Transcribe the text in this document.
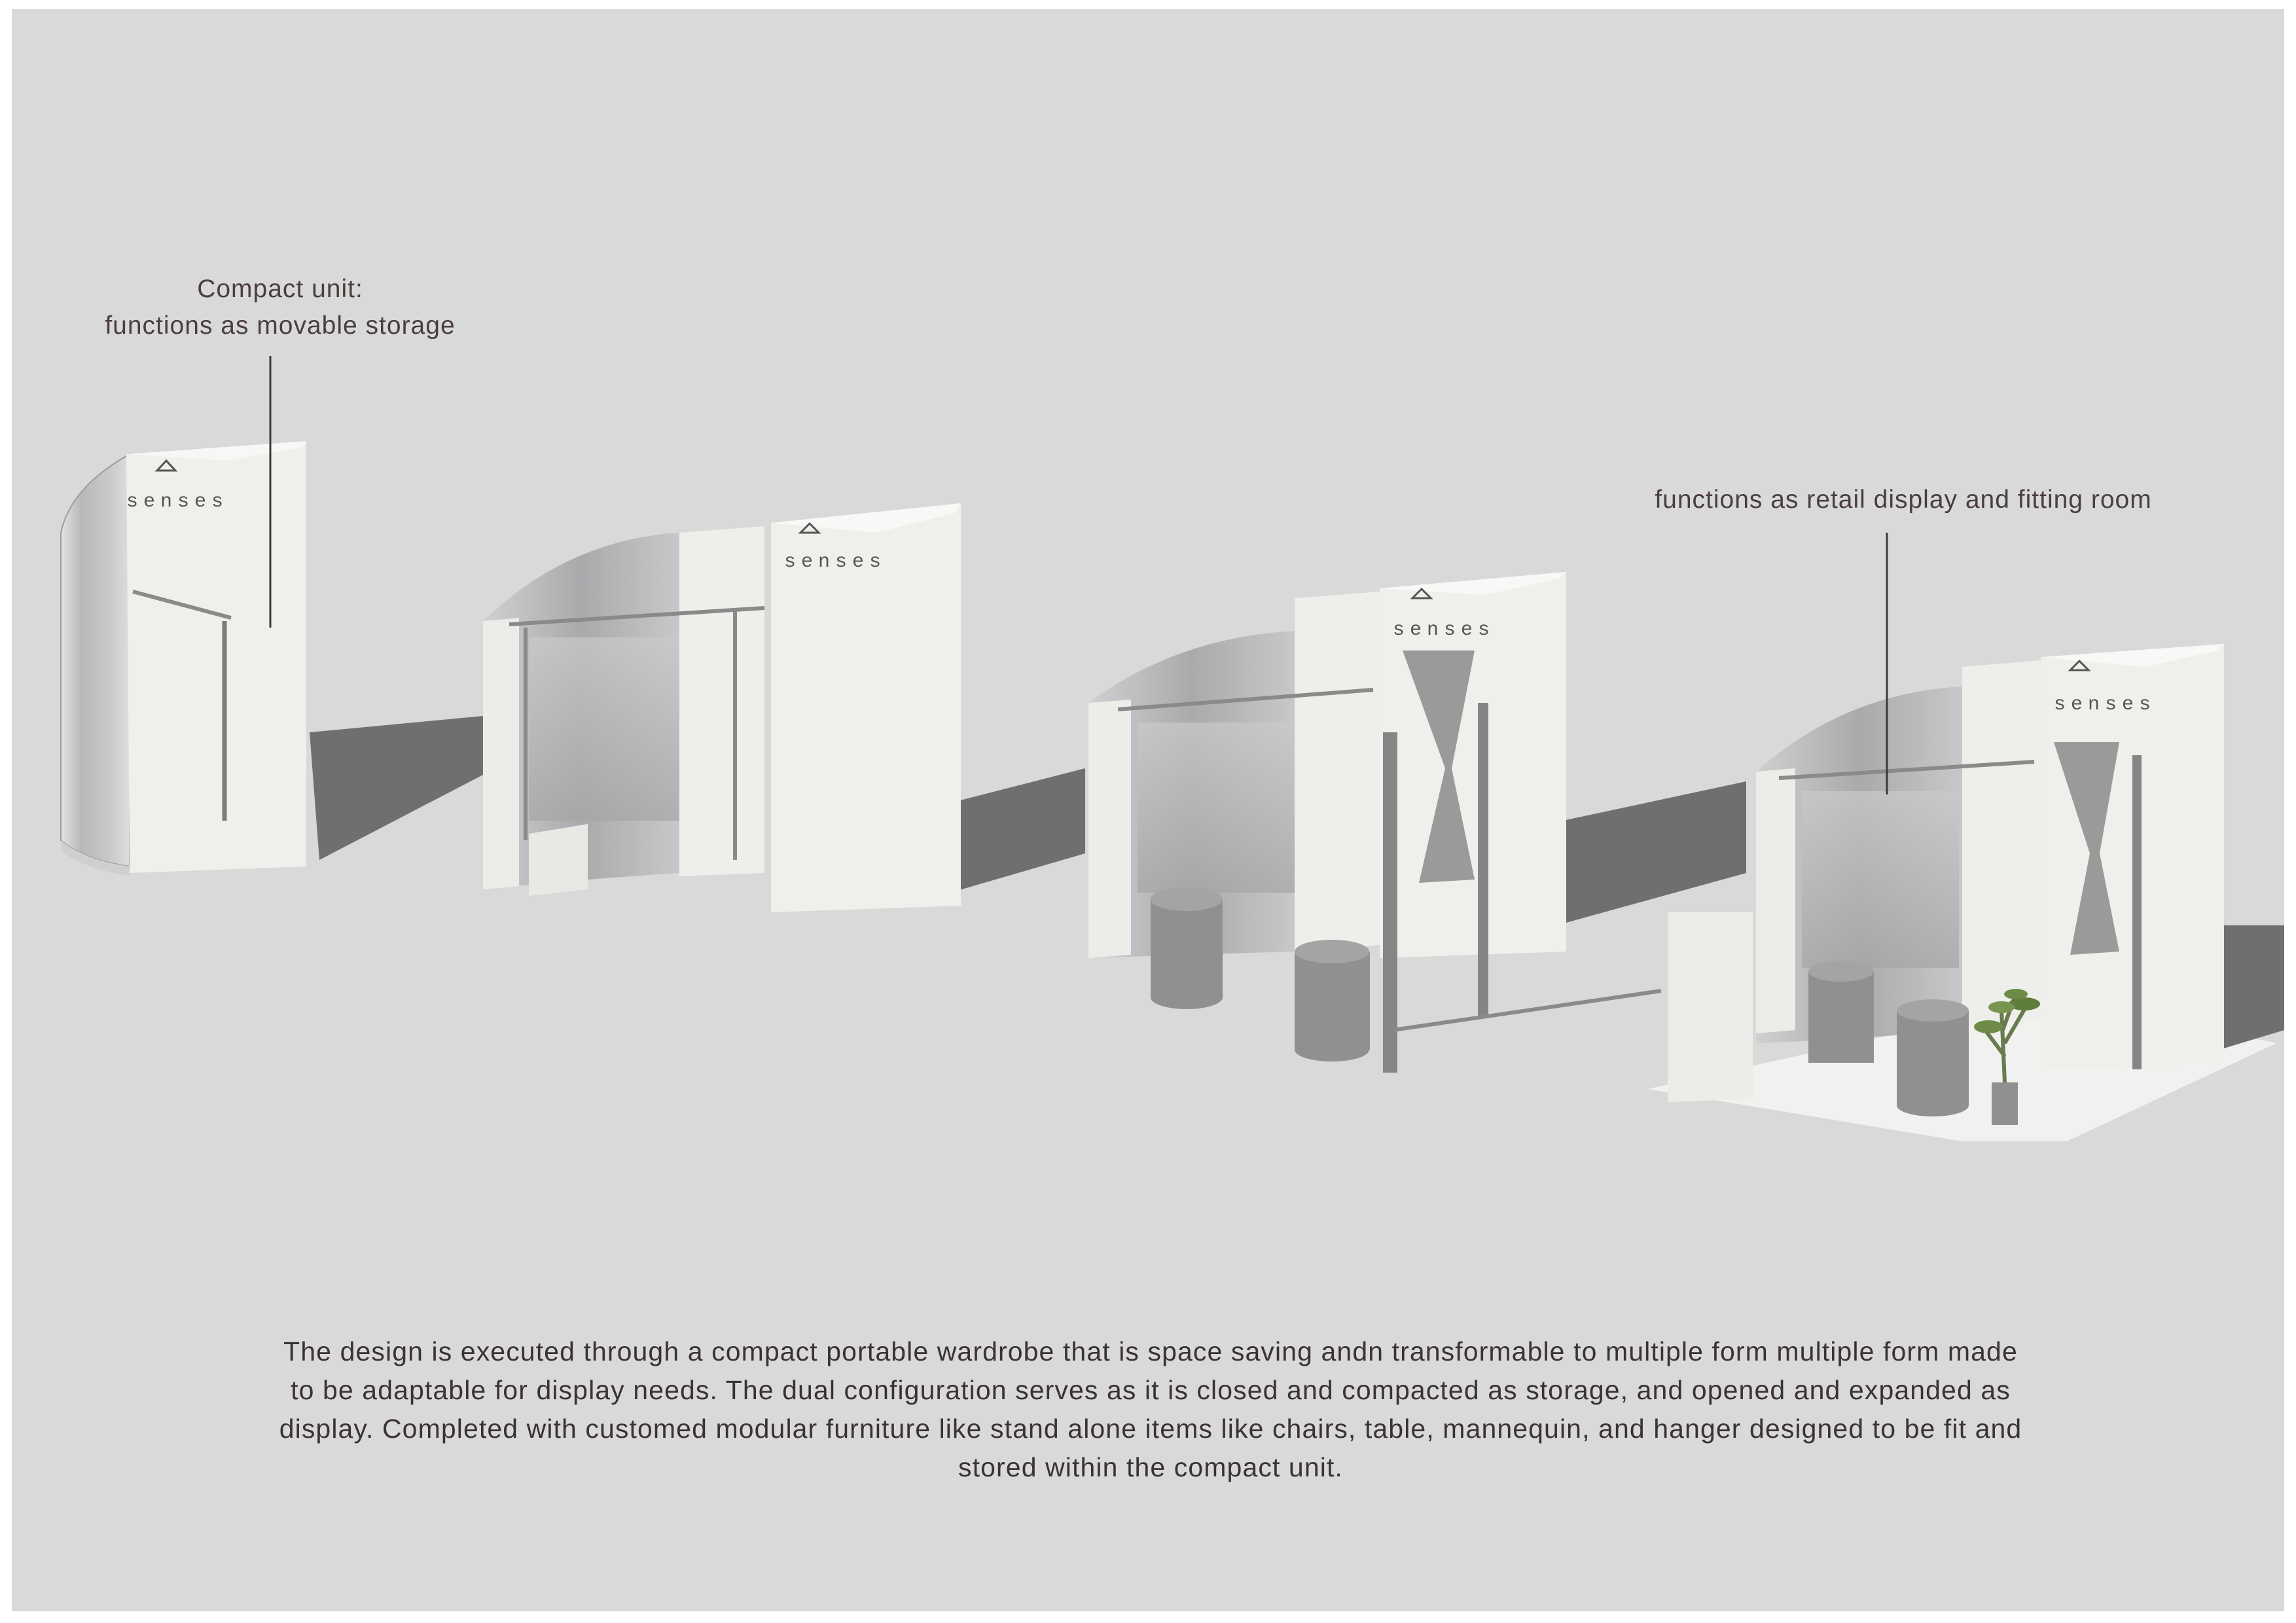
senses
senses
senses
senses
Compact unit:
functions as movable storage
functions as retail display and fitting room
The design is executed through a compact portable wardrobe that is space saving andn transformable to multiple form multiple form made
to be adaptable for display needs. The dual configuration serves as it is closed and compacted as storage, and opened and expanded as
display. Completed with customed modular furniture like stand alone items like chairs, table, mannequin, and hanger designed to be fit and
stored within the compact unit.
